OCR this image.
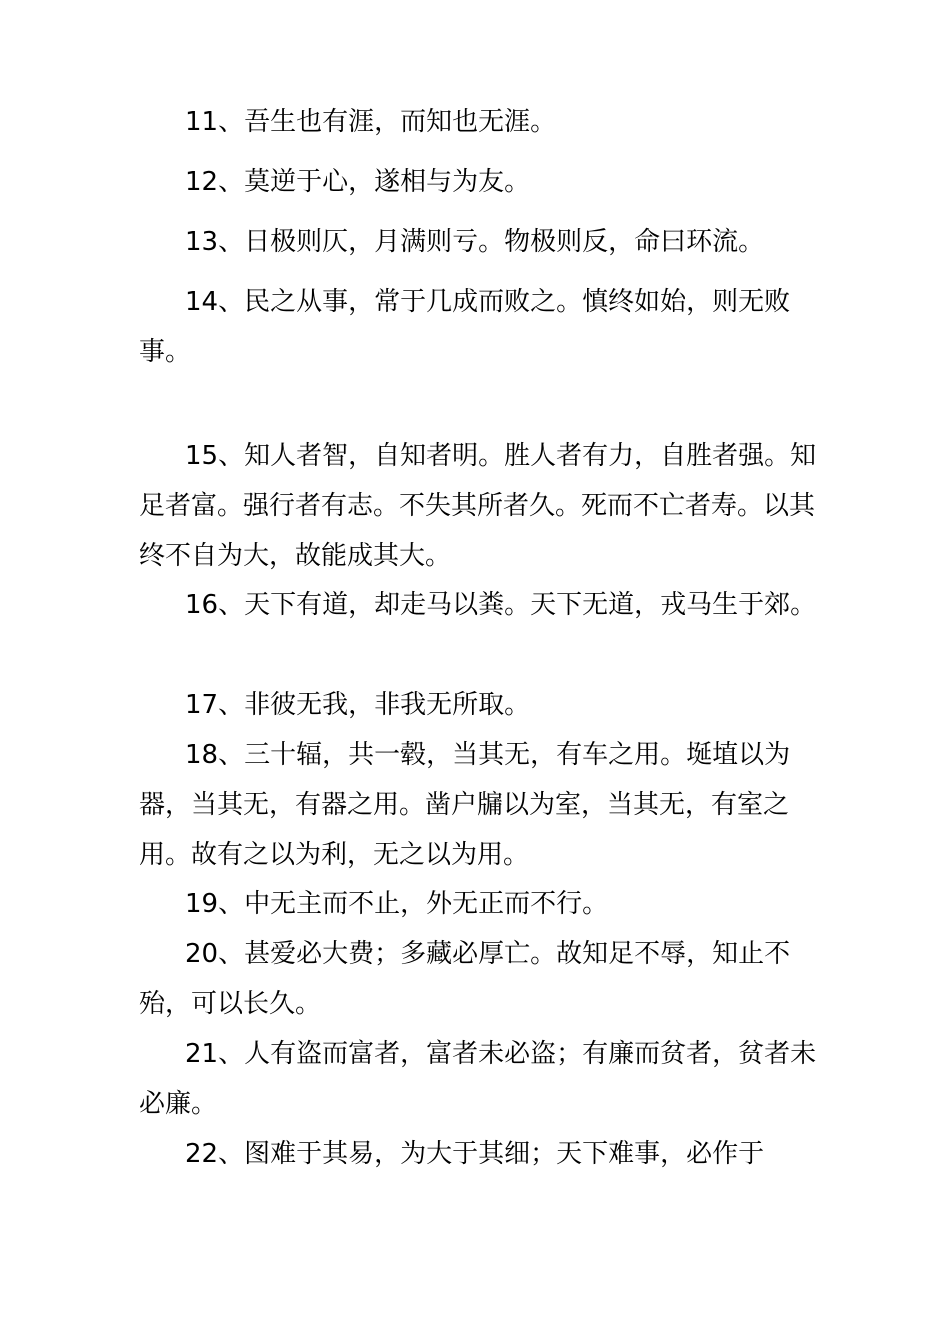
11、吾生也有涯，而知也无涯。

12、莫逆于心，遂相与为友。

13、日极则仄，月满则亏。物极则反，命曰环流。

14、民之从事，常于几成而败之。慎终如始，则无败事。

15、知人者智，自知者明。胜人者有力，自胜者强。知足者富。强行者有志。不失其所者久。死而不亡者寿。以其终不自为大，故能成其大。

16、天下有道，却走马以粪。天下无道，戎马生于郊。

17、非彼无我，非我无所取。

18、三十辐，共一毂，当其无，有车之用。埏埴以为器，当其无，有器之用。凿户牖以为室，当其无，有室之用。故有之以为利，无之以为用。

19、中无主而不止，外无正而不行。

20、甚爱必大费；多藏必厚亡。故知足不辱，知止不殆，可以长久。

21、人有盗而富者，富者未必盗；有廉而贫者，贫者未必廉。

22、图难于其易，为大于其细；天下难事，必作于
